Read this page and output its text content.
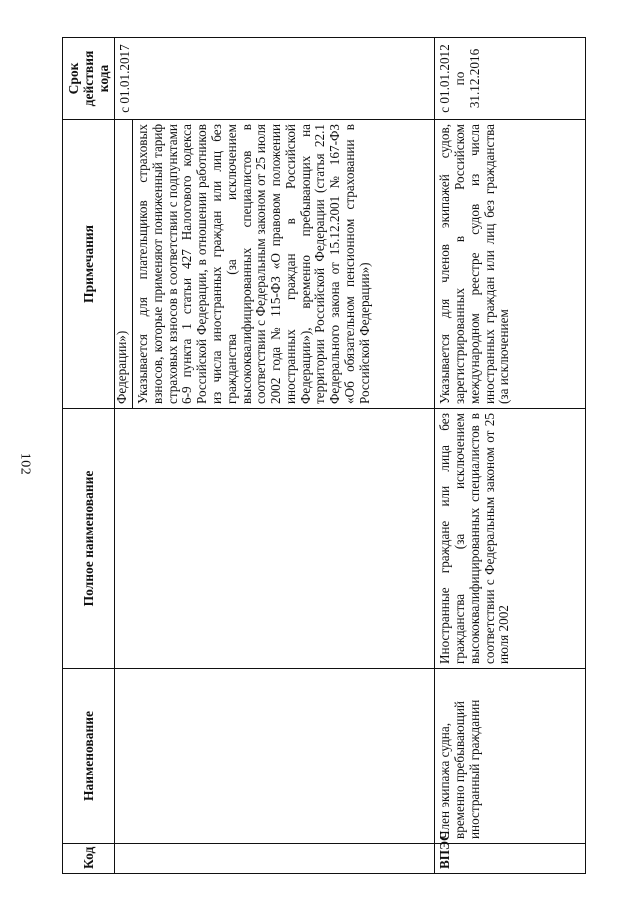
102
Код	Наименование	Полное наименование	Примечания	Срок действия кода

			Федерации») Указывается для плательщиков страховых взносов, которые применяют пониженный тариф страховых взносов в соответствии с подпунктами 6-9 пункта 1 статьи 427 Налогового кодекса Российской Федерации, в отношении работников из числа иностранных граждан или лиц без гражданства (за исключением высококвалифицированных специалистов в соответствии с Федеральным законом от 25 июля 2002 года № 115-ФЗ «О правовом положении иностранных граждан в Российской Федерации»), временно пребывающих на территории Российской Федерации (статья 22.1 Федерального закона от 15.12.2001 № 167-ФЗ «Об обязательном пенсионном страховании в Российской Федерации»)	с 01.01.2017
ВПЭС	Член экипажа судна, временно пребывающий иностранный гражданин	Иностранные граждане или лица без гражданства (за исключением высококвалифицированных специалистов в соответствии с Федеральным законом от 25 июля 2002	Указывается для членов экипажей судов, зарегистрированных в Российском международном реестре судов из числа иностранных граждан или лиц без гражданства (за исключением	с 01.01.2012 по 31.12.2016
